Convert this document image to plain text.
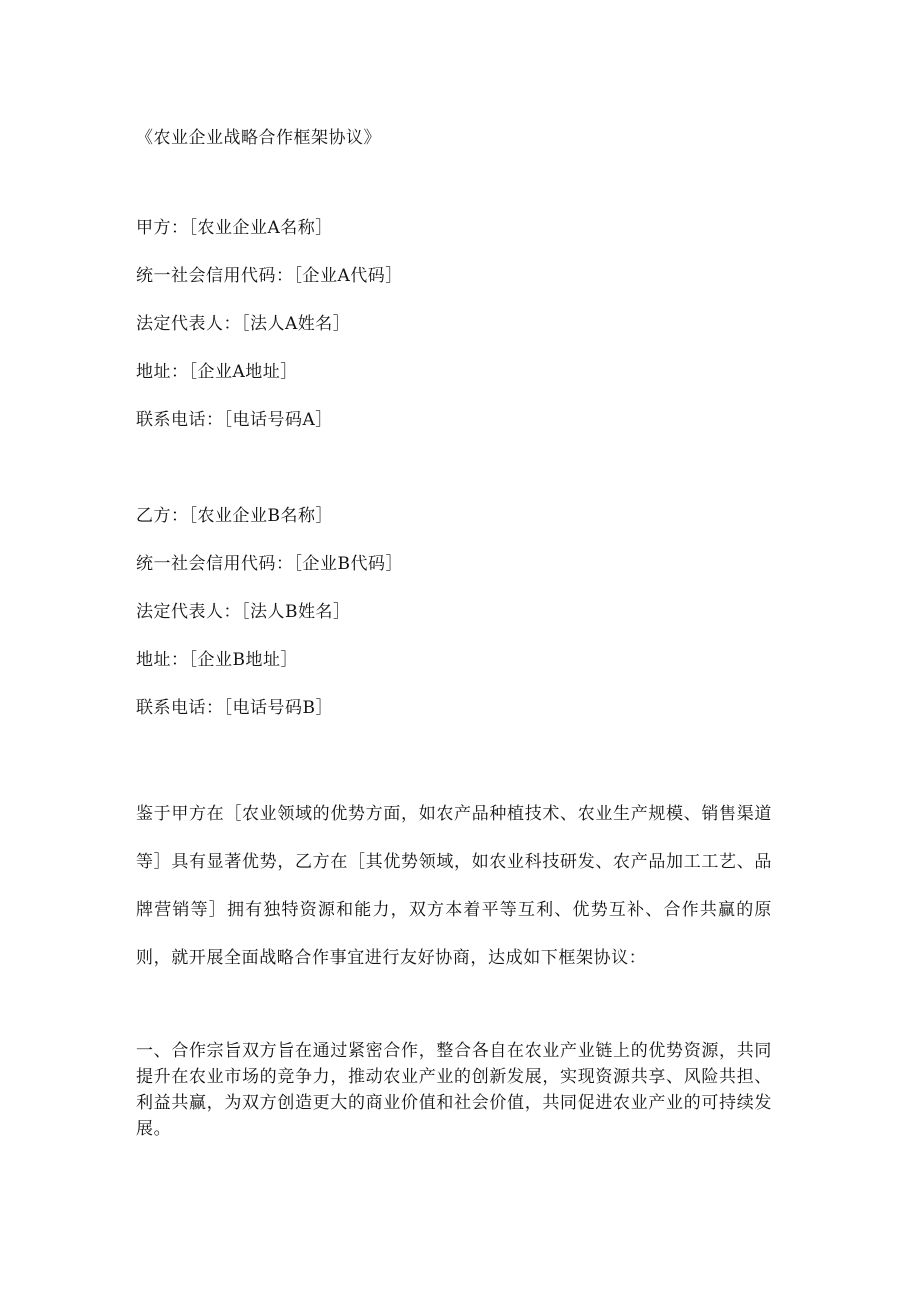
《农业企业战略合作框架协议》
甲方：［农业企业A名称］
统一社会信用代码：［企业A代码］
法定代表人：［法人A姓名］
地址：［企业A地址］
联系电话：［电话号码A］
乙方：［农业企业B名称］
统一社会信用代码：［企业B代码］
法定代表人：［法人B姓名］
地址：［企业B地址］
联系电话：［电话号码B］
鉴于甲方在［农业领域的优势方面，如农产品种植技术、农业生产规模、销售渠道等］具有显著优势，乙方在［其优势领域，如农业科技研发、农产品加工工艺、品牌营销等］拥有独特资源和能力，双方本着平等互利、优势互补、合作共赢的原则，就开展全面战略合作事宜进行友好协商，达成如下框架协议：
一、合作宗旨双方旨在通过紧密合作，整合各自在农业产业链上的优势资源，共同提升在农业市场的竞争力，推动农业产业的创新发展，实现资源共享、风险共担、利益共赢，为双方创造更大的商业价值和社会价值，共同促进农业产业的可持续发展。
